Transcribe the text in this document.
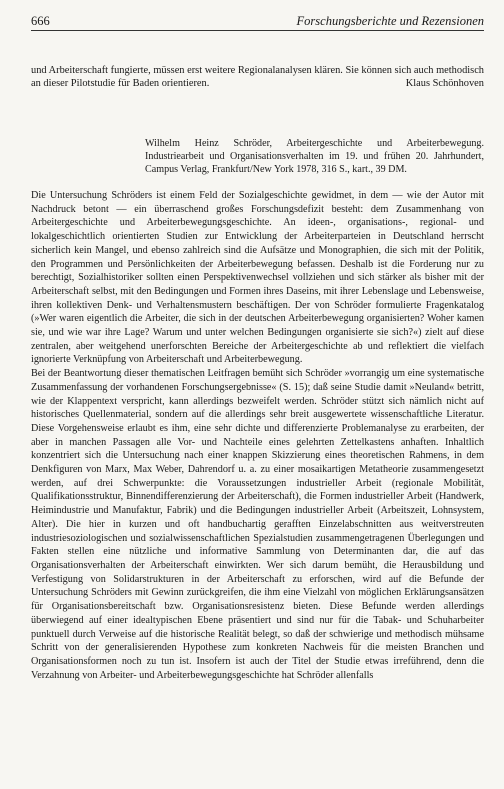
666	Forschungsberichte und Rezensionen
und Arbeiterschaft fungierte, müssen erst weitere Regionalanalysen klären. Sie können sich auch methodisch an dieser Pilotstudie für Baden orientieren.	Klaus Schönhoven
Wilhelm Heinz Schröder, Arbeitergeschichte und Arbeiterbewegung. Industriearbeit und Organisationsverhalten im 19. und frühen 20. Jahrhundert, Campus Verlag, Frankfurt/New York 1978, 316 S., kart., 39 DM.

Die Untersuchung Schröders ist einem Feld der Sozialgeschichte gewidmet, in dem — wie der Autor mit Nachdruck betont — ein überraschend großes Forschungsdefizit besteht: dem Zusammenhang von Arbeitergeschichte und Arbeiterbewegungsgeschichte. An ideen-, organisations-, regional- und lokalgeschichtlich orientierten Studien zur Entwicklung der Arbeiterparteien in Deutschland herrscht sicherlich kein Mangel, und ebenso zahlreich sind die Aufsätze und Monographien, die sich mit der Politik, den Programmen und Persönlichkeiten der Arbeiterbewegung befassen. Deshalb ist die Forderung nur zu berechtigt, Sozialhistoriker sollten einen Perspektivenwechsel vollziehen und sich stärker als bisher mit der Arbeiterschaft selbst, mit den Bedingungen und Formen ihres Daseins, mit ihrer Lebenslage und Lebensweise, ihren kollektiven Denk- und Verhaltensmustern beschäftigen. Der von Schröder formulierte Fragenkatalog (»Wer waren eigentlich die Arbeiter, die sich in der deutschen Arbeiterbewegung organisierten? Woher kamen sie, und wie war ihre Lage? Warum und unter welchen Bedingungen organisierte sie sich?«) zielt auf diese zentralen, aber weitgehend unerforschten Bereiche der Arbeitergeschichte ab und reflektiert die vielfach ignorierte Verknüpfung von Arbeiterschaft und Arbeiterbewegung.

Bei der Beantwortung dieser thematischen Leitfragen bemüht sich Schröder »vorrangig um eine systematische Zusammenfassung der vorhandenen Forschungsergebnisse« (S. 15); daß seine Studie damit »Neuland« betritt, wie der Klappentext verspricht, kann allerdings bezweifelt werden. Schröder stützt sich nämlich nicht auf historisches Quellenmaterial, sondern auf die allerdings sehr breit ausgewertete wissenschaftliche Literatur. Diese Vorgehensweise erlaubt es ihm, eine sehr dichte und differenzierte Problemanalyse zu erarbeiten, der aber in manchen Passagen alle Vor- und Nachteile eines gelehrten Zettelkastens anhaften. Inhaltlich konzentriert sich die Untersuchung nach einer knappen Skizzierung eines theoretischen Rahmens, in dem Denkfiguren von Marx, Max Weber, Dahrendorf u. a. zu einer mosaikartigen Metatheorie zusammengesetzt werden, auf drei Schwerpunkte: die Voraussetzungen industrieller Arbeit (regionale Mobilität, Qualifikationsstruktur, Binnendifferenzierung der Arbeiterschaft), die Formen industrieller Arbeit (Handwerk, Heimindustrie und Manufaktur, Fabrik) und die Bedingungen industrieller Arbeit (Arbeitszeit, Lohnsystem, Alter). Die hier in kurzen und oft handbuchartig gerafften Einzelabschnitten aus weitverstreuten industriesoziologischen und sozialwissenschaftlichen Spezialstudien zusammengetragenen Überlegungen und Fakten stellen eine nützliche und informative Sammlung von Determinanten dar, die auf das Organisationsverhalten der Arbeiterschaft einwirkten. Wer sich darum bemüht, die Herausbildung und Verfestigung von Solidarstrukturen in der Arbeiterschaft zu erforschen, wird auf die Befunde der Untersuchung Schröders mit Gewinn zurückgreifen, die ihm eine Vielzahl von möglichen Erklärungsansätzen für Organisationsbereitschaft bzw. Organisationsresistenz bieten. Diese Befunde werden allerdings überwiegend auf einer idealtypischen Ebene präsentiert und sind nur für die Tabak- und Schuharbeiter punktuell durch Verweise auf die historische Realität belegt, so daß der schwierige und methodisch mühsame Schritt von der generalisierenden Hypothese zum konkreten Nachweis für die meisten Branchen und Organisationsformen noch zu tun ist. Insofern ist auch der Titel der Studie etwas irreführend, denn die Verzahnung von Arbeiter- und Arbeiterbewegungsgeschichte hat Schröder allenfalls
